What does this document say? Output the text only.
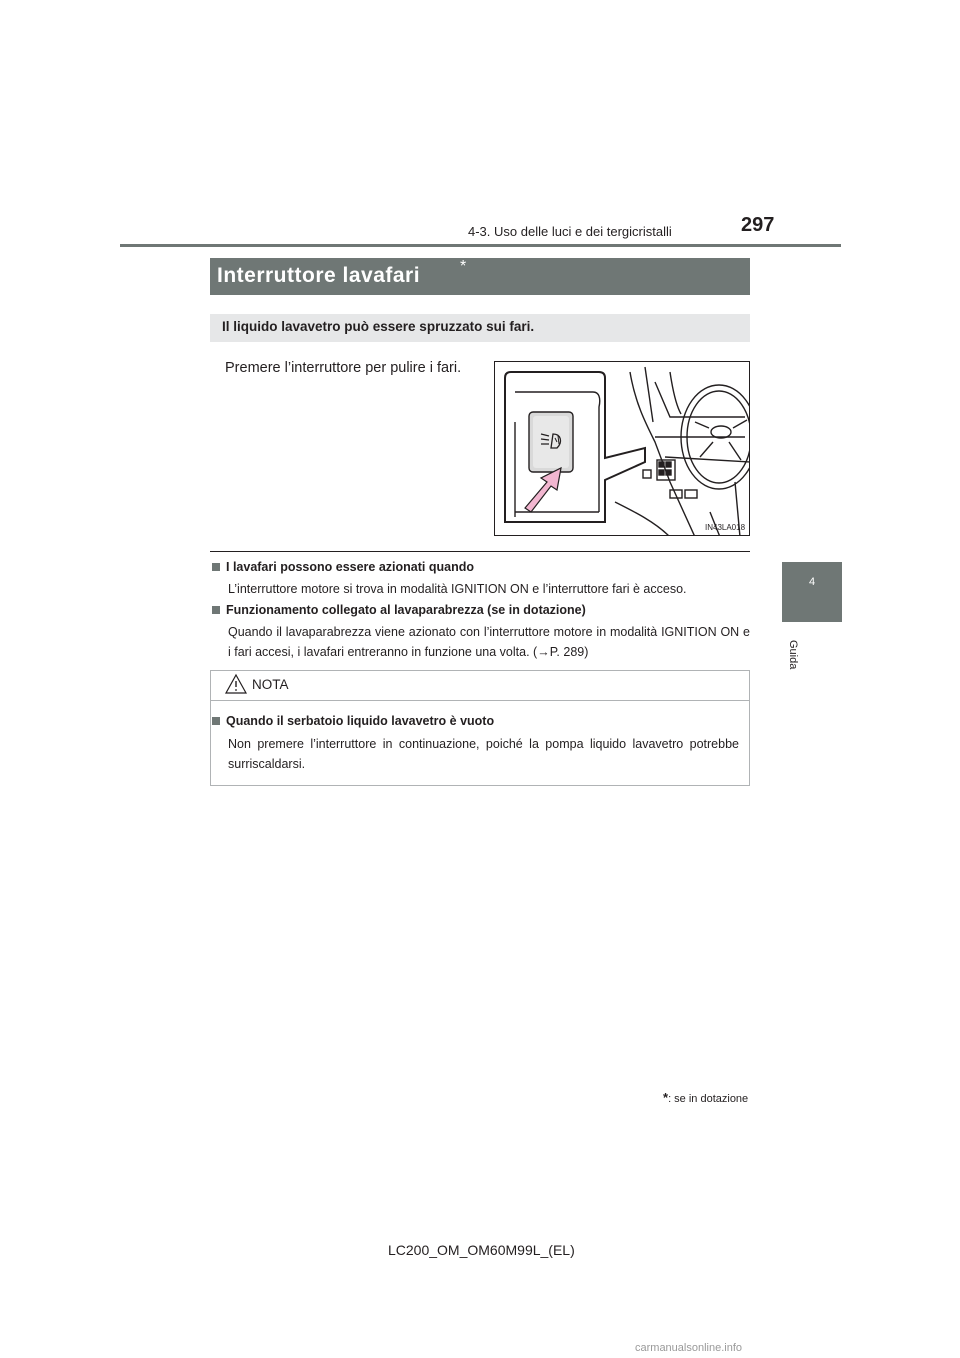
4-3. Uso delle luci e dei tergicristalli	297
4
Guida
Interruttore lavafari *
Il liquido lavavetro può essere spruzzato sui fari.
Premere l’interruttore per pulire i fari.
IN43LA018
I lavafari possono essere azionati quando
L’interruttore motore si trova in modalità IGNITION ON e l’interruttore fari è acceso.
Funzionamento collegato al lavaparabrezza (se in dotazione)
Quando il lavaparabrezza viene azionato con l’interruttore motore in modalità IGNITION ON e i fari accesi, i lavafari entreranno in funzione una volta. (→P. 289)
NOTA
Quando il serbatoio liquido lavavetro è vuoto
Non premere l’interruttore in continuazione, poiché la pompa liquido lavavetro potrebbe surriscaldarsi.
*: se in dotazione
LC200_OM_OM60M99L_(EL)
carmanualsonline.info
